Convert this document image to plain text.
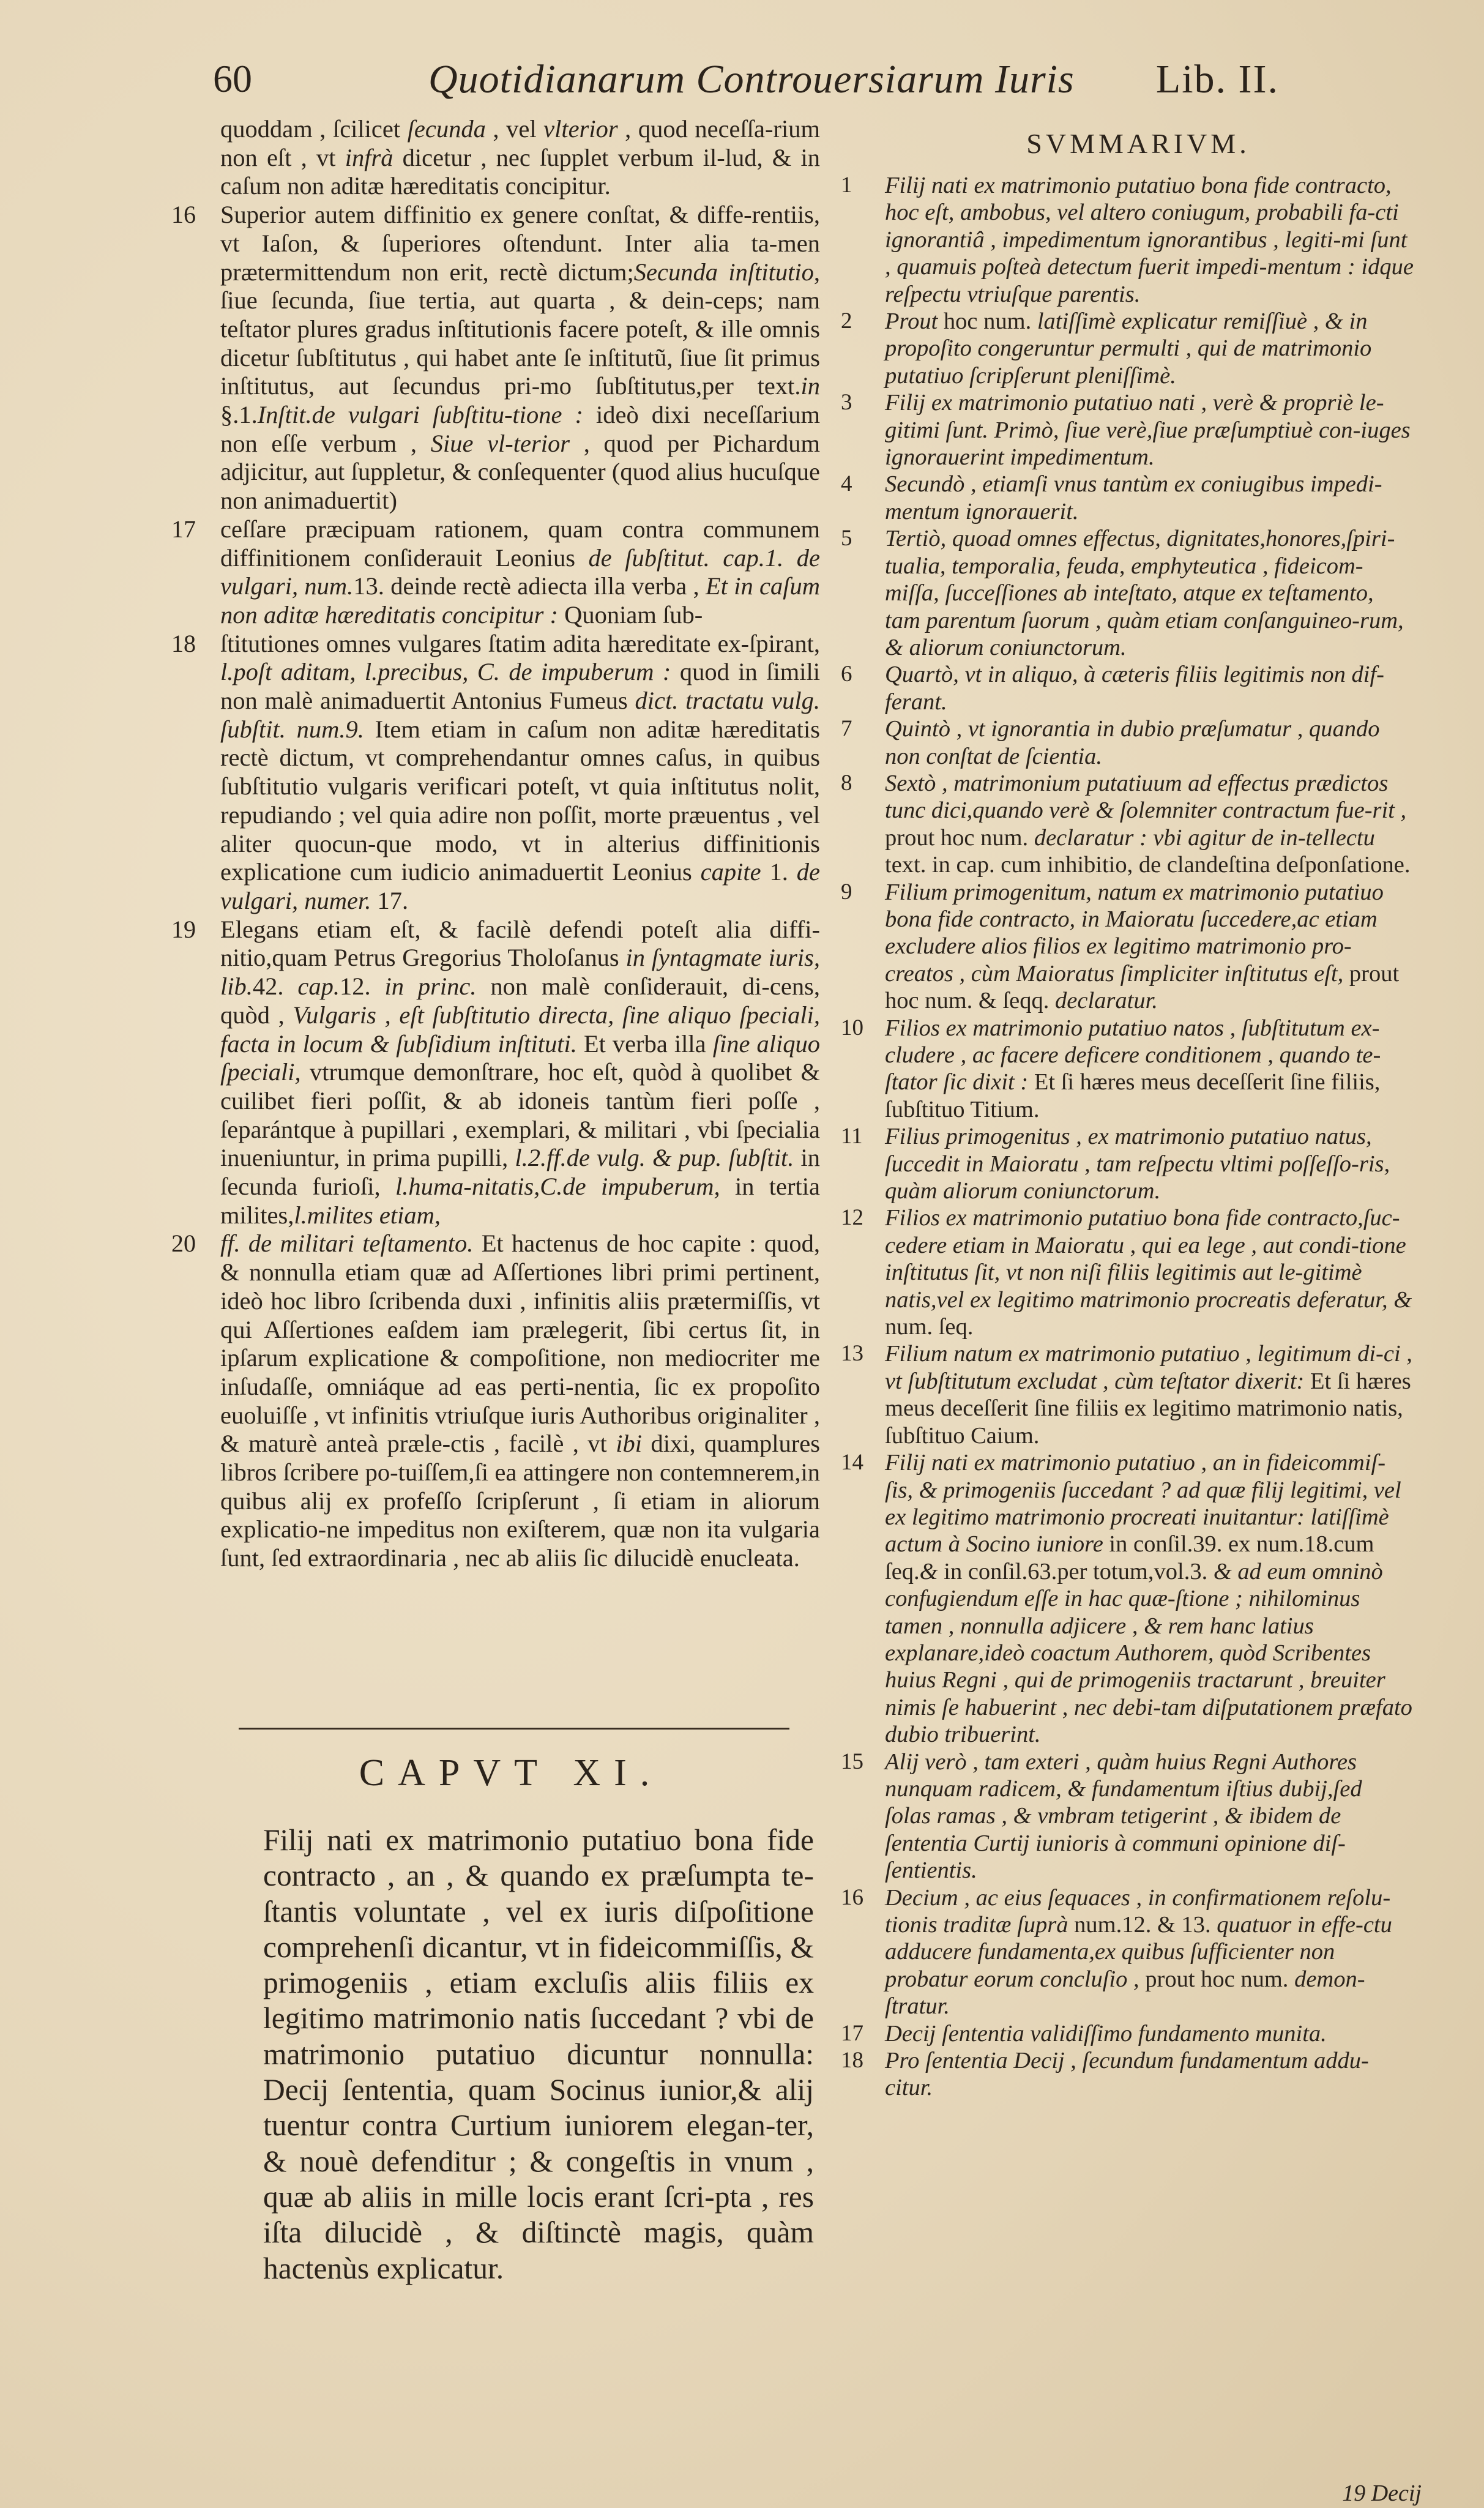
60	Quotidianarum Controuersiarum Iuris Lib. II.
quoddam , ſcilicet ſecunda , vel vlterior , quod neceſſa-rium non eſt , vt infrà dicetur , nec ſupplet verbum il-lud, & in caſum non aditæ hæreditatis concipitur.
16 Superior autem diffinitio ex genere conſtat, & diffe-rentiis, vt Iaſon, & ſuperiores oſtendunt. Inter alia ta-men prætermittendum non erit, rectè dictum;Secunda inſtitutio, ſiue ſecunda, ſiue tertia, aut quarta , & dein-ceps; nam teſtator plures gradus inſtitutionis facere poteſt, & ille omnis dicetur ſubſtitutus , qui habet ante ſe inſtitutũ, ſiue ſit primus inſtitutus, aut ſecundus pri-mo ſubſtitutus,per text.in §.1.Inſtit.de vulgari ſubſtitu-tione : ideò dixi neceſſarium non eſſe verbum , Siue vl-terior , quod per Pichardum adjicitur, aut ſuppletur, & conſequenter (quod alius hucuſque non animaduertit)
17 ceſſare præcipuam rationem, quam contra communem diffinitionem conſiderauit Leonius de ſubſtitut. cap.1. de vulgari, num.13. deinde rectè adiecta illa verba , Et in caſum non aditæ hæreditatis concipitur : Quoniam ſub-
18 ſtitutiones omnes vulgares ſtatim adita hæreditate ex-ſpirant, l.poſt aditam, l.precibus, C. de impuberum : quod in ſimili non malè animaduertit Antonius Fumeus dict. tractatu vulg. ſubſtit. num.9. Item etiam in caſum non aditæ hæreditatis rectè dictum, vt comprehendantur omnes caſus, in quibus ſubſtitutio vulgaris verificari poteſt, vt quia inſtitutus nolit, repudiando ; vel quia adire non poſſit, morte præuentus , vel aliter quocun-que modo, vt in alterius diffinitionis explicatione cum iudicio animaduertit Leonius capite 1. de vulgari, numer. 17.
19 Elegans etiam eſt, & facilè defendi poteſt alia diffi-nitio,quam Petrus Gregorius Tholoſanus in ſyntagmate iuris, lib.42. cap.12. in princ. non malè conſiderauit, di-cens, quòd , Vulgaris , eſt ſubſtitutio directa, ſine aliquo ſpeciali, facta in locum & ſubſidium inſtituti. Et verba illa ſine aliquo ſpeciali, vtrumque demonſtrare, hoc eſt, quòd à quolibet & cuilibet fieri poſſit, & ab idoneis tantùm fieri poſſe , ſeparántque à pupillari , exemplari, & militari , vbi ſpecialia inueniuntur, in prima pupilli, l.2.ff.de vulg. & pup. ſubſtit. in ſecunda furioſi, l.huma-nitatis,C.de impuberum, in tertia milites,l.milites etiam,
20 ff. de militari teſtamento. Et hactenus de hoc capite : quod, & nonnulla etiam quæ ad Aſſertiones libri primi pertinent, ideò hoc libro ſcribenda duxi , infinitis aliis prætermiſſis, vt qui Aſſertiones eaſdem iam prælegerit, ſibi certus ſit, in ipſarum explicatione & compoſitione, non mediocriter me inſudaſſe, omniáque ad eas perti-nentia, ſic ex propoſito euoluiſſe , vt infinitis vtriuſque iuris Authoribus originaliter , & maturè anteà præle-ctis , facilè , vt ibi dixi, quamplures libros ſcribere po-tuiſſem,ſi ea attingere non contemnerem,in quibus alij ex profeſſo ſcripſerunt , ſi etiam in aliorum explicatio-ne impeditus non exiſterem, quæ non ita vulgaria ſunt, ſed extraordinaria , nec ab aliis ſic dilucidè enucleata.
CAPVT XI.
Filij nati ex matrimonio putatiuo bona fide contracto , an , & quando ex præſumpta te-ſtantis voluntate , vel ex iuris diſpoſitione comprehenſi dicantur, vt in fideicommiſſis, & primogeniis , etiam excluſis aliis filiis ex legitimo matrimonio natis ſuccedant ? vbi de matrimonio putatiuo dicuntur nonnulla: Decij ſententia, quam Socinus iunior,& alij tuentur contra Curtium iuniorem elegan-ter, & nouè defenditur ; & congeſtis in vnum , quæ ab aliis in mille locis erant ſcri-pta , res iſta dilucidè , & diſtinctè magis, quàm hactenùs explicatur.
SVMMARIVM.
1 Filij nati ex matrimonio putatiuo bona fide contracto, hoc eſt, ambobus, vel altero coniugum, probabili fa-cti ignorantiâ , impedimentum ignorantibus , legiti-mi ſunt , quamuis poſteà detectum fuerit impedi-mentum : idque reſpectu vtriuſque parentis.
2 Prout hoc num. latiſſimè explicatur remiſſiuè , & in propoſito congeruntur permulti , qui de matrimonio putatiuo ſcripſerunt pleniſſimè.
3 Filij ex matrimonio putatiuo nati , verè & propriè le-gitimi ſunt. Primò, ſiue verè,ſiue præſumptiuè con-iuges ignorauerint impedimentum.
4 Secundò , etiamſi vnus tantùm ex coniugibus impedi-mentum ignorauerit.
5 Tertiò, quoad omnes effectus, dignitates,honores,ſpiri-tualia, temporalia, feuda, emphyteutica , fideicom-miſſa, ſucceſſiones ab inteſtato, atque ex teſtamento, tam parentum ſuorum , quàm etiam conſanguineo-rum, & aliorum coniunctorum.
6 Quartò, vt in aliquo, à cæteris filiis legitimis non dif-ferant.
7 Quintò , vt ignorantia in dubio præſumatur , quando non conſtat de ſcientia.
8 Sextò , matrimonium putatiuum ad effectus prædictos tunc dici,quando verè & ſolemniter contractum fue-rit , prout hoc num. declaratur : vbi agitur de in-tellectu text. in cap. cum inhibitio, de clandeſtina deſponſatione.
9 Filium primogenitum, natum ex matrimonio putatiuo bona fide contracto, in Maioratu ſuccedere,ac etiam excludere alios filios ex legitimo matrimonio pro-creatos , cùm Maioratus ſimpliciter inſtitutus eſt, prout hoc num. & ſeqq. declaratur.
10 Filios ex matrimonio putatiuo natos , ſubſtitutum ex-cludere , ac facere deficere conditionem , quando te-ſtator ſic dixit : Et ſi hæres meus deceſſerit ſine filiis, ſubſtituo Titium.
11 Filius primogenitus , ex matrimonio putatiuo natus, ſuccedit in Maioratu , tam reſpectu vltimi poſſeſſo-ris, quàm aliorum coniunctorum.
12 Filios ex matrimonio putatiuo bona fide contracto,ſuc-cedere etiam in Maioratu , qui ea lege , aut condi-tione inſtitutus ſit, vt non niſi filiis legitimis aut le-gitimè natis,vel ex legitimo matrimonio procreatis deferatur, & num. ſeq.
13 Filium natum ex matrimonio putatiuo , legitimum di-ci , vt ſubſtitutum excludat , cùm teſtator dixerit: Et ſi hæres meus deceſſerit ſine filiis ex legitimo matrimonio natis, ſubſtituo Caium.
14 Filij nati ex matrimonio putatiuo , an in fideicommiſ-ſis, & primogeniis ſuccedant ? ad quæ filij legitimi, vel ex legitimo matrimonio procreati inuitantur: latiſſimè actum à Socino iuniore in conſil.39. ex num.18.cum ſeq.& in conſil.63.per totum,vol.3. & ad eum omninò confugiendum eſſe in hac quæ-ſtione ; nihilominus tamen , nonnulla adjicere , & rem hanc latius explanare,ideò coactum Authorem, quòd Scribentes huius Regni , qui de primogeniis tractarunt , breuiter nimis ſe habuerint , nec debi-tam diſputationem præfato dubio tribuerint.
15 Alij verò , tam exteri , quàm huius Regni Authores nunquam radicem, & fundamentum iſtius dubij,ſed ſolas ramas , & vmbram tetigerint , & ibidem de ſententia Curtij iunioris à communi opinione diſ-ſentientis.
16 Decium , ac eius ſequaces , in confirmationem reſolu-tionis traditæ ſuprà num.12. & 13. quatuor in effe-ctu adducere fundamenta,ex quibus ſufficienter non probatur eorum concluſio , prout hoc num. demon-ſtratur.
17 Decij ſententia validiſſimo fundamento munita.
18 Pro ſententia Decij , ſecundum fundamentum addu-citur.
19 Decij
